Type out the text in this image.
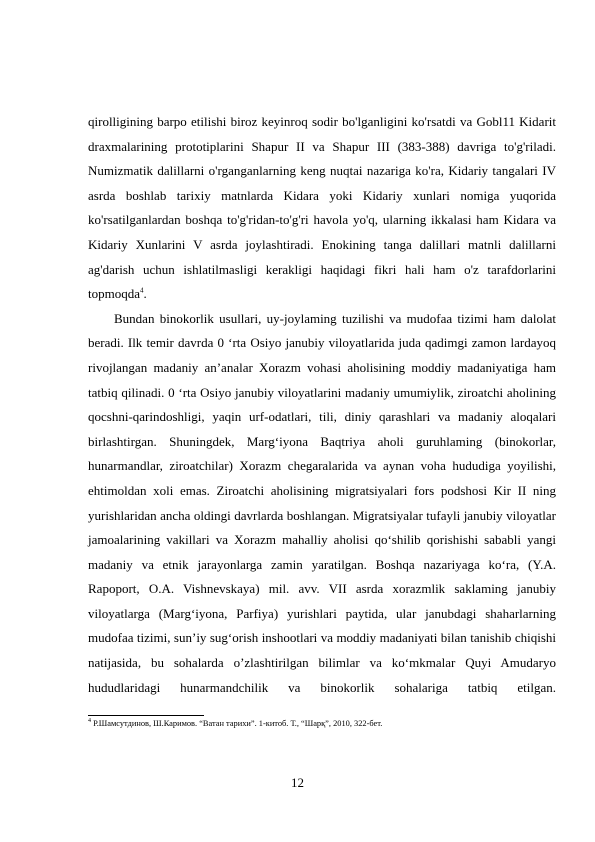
qirolligining barpo etilishi biroz keyinroq sodir bo'lganligini ko'rsatdi va Gobl11 Kidarit draxmalarining prototiplarini Shapur II va Shapur III (383-388) davriga to'g'riladi. Numizmatik dalillarni o'rganganlarning keng nuqtai nazariga ko'ra, Kidariy tangalari IV asrda boshlab tarixiy matnlarda Kidara yoki Kidariy xunlari nomiga yuqorida ko'rsatilganlardan boshqa to'g'ridan-to'g'ri havola yo'q, ularning ikkalasi ham Kidara va Kidariy Xunlarini V asrda joylashtiradi. Enokining tanga dalillari matnli dalillarni ag'darish uchun ishlatilmasligi kerakligi haqidagi fikri hali ham o'z tarafdorlarini topmoqda$^4$.

Bundan binokorlik usullari, uy-joylaming tuzilishi va mudofaa tizimi ham dalolat beradi. Ilk temir davrda 0 ‘rta Osiyo janubiy viloyatlarida juda qadimgi zamon lardayoq rivojlangan madaniy an’analar Xorazm vohasi aholisining moddiy madaniyatiga ham tatbiq qilinadi. 0 ‘rta Osiyo janubiy viloyatlarini madaniy umumiylik, ziroatchi aholining qocshni-qarindoshligi, yaqin urf-odatlari, tili, diniy qarashlari va madaniy aloqalari birlashtirgan. Shuningdek, Marg‘iyona Baqtriya aholi guruhlaming (binokorlar, hunarmandlar, ziroatchilar) Xorazm chegaralarida va aynan voha hududiga yoyilishi, ehtimoldan xoli emas. Ziroatchi aholisining migratsiyalari fors podshosi Kir II ning yurishlaridan ancha oldingi davrlarda boshlangan. Migratsiyalar tufayli janubiy viloyatlar jamoalarining vakillari va Xorazm mahalliy aholisi qo‘shilib qorishishi sababli yangi madaniy va etnik jarayonlarga zamin yaratilgan. Boshqa nazariyaga ko‘ra, (Y.A. Rapoport, O.A. Vishnevskaya) mil. avv. VII asrda xorazmlik saklaming janubiy viloyatlarga (Marg‘iyona, Parfiya) yurishlari paytida, ular janubdagi shaharlarning mudofaa tizimi, sun’iy sug‘orish inshootlari va moddiy madaniyati bilan tanishib chiqishi natijasida, bu sohalarda o’zlashtirilgan bilimlar va ko‘mkmalar Quyi Amudaryo hududlaridagi hunarmandchilik va binokorlik sohalariga tatbiq etilgan.

$^4$ Р.Шамсутдинов, Ш.Каримов. “Ватан тарихи”. 1-китоб. Т., “Шарқ”, 2010, 322-бет.
12
